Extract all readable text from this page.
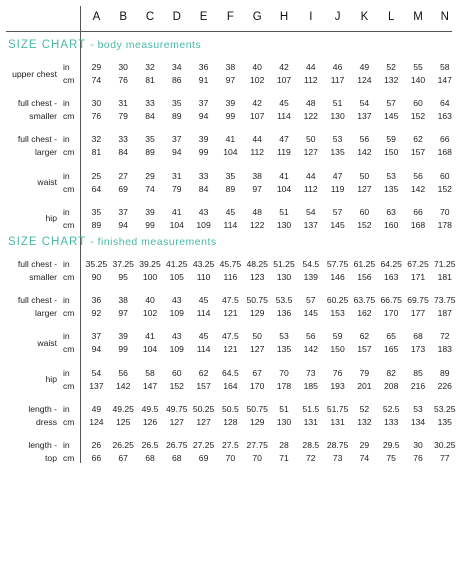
A	B	C	D	E	F	G	H	I	J	K	L	M	N
SIZE CHART - body measurements
upper chest
in
cm
29	30	32	34	36	38	40	42	44	46	49	52	55	58
74	76	81	86	91	97	102	107	112	117	124	132	140	147
full chest -
smaller
in
cm
30	31	33	35	37	39	42	45	48	51	54	57	60	64
76	79	84	89	94	99	107	114	122	130	137	145	152	163
full chest -
larger
in
cm
32	33	35	37	39	41	44	47	50	53	56	59	62	66
81	84	89	94	99	104	112	119	127	135	142	150	157	168
waist
in
cm
25	27	29	31	33	35	38	41	44	47	50	53	56	60
64	69	74	79	84	89	97	104	112	119	127	135	142	152
hip
in
cm
35	37	39	41	43	45	48	51	54	57	60	63	66	70
89	94	99	104	109	114	122	130	137	145	152	160	168	178
SIZE CHART - finished measurements
full chest -
smaller
in
cm
35.25 37.25 39.25 41.25 43.25 45.75 48.25 51.25 54.5 57.75 61.25 64.25 67.25 71.25
90	95	100	105	110	116	123	130	139	146	156	163	171	181
full chest -
larger
in
cm
36	38	40	43	45	47.5 50.75 53.5	57	60.25 63.75 66.75 69.75 73.75
92	97	102	109	114	121	129	136	145	153	162	170	177	187
waist
in
cm
37	39	41	43	45	47.5	50	53	56	59	62	65	68	72
94	99	104	109	114	121	127	135	142	150	157	165	173	183
hip
in
cm
54	56	58	60	62	64.5	67	70	73	76	79	82	85	89
137	142	147	152	157	164	170	178	185	193	201	208	216	226
length -
dress
in
cm
49	49.25 49.5 49.75 50.25 50.5 50.75	51	51.5 51.75	52	52.5	53	53.25
124	125	126	127	127	128	129	130	131	131	132	133	134	135
length -
top
in
cm
26	26.25 26.5 26.75 27.25 27.5 27.75	28	28.5 28.75	29	29.5	30	30.25
66	67	68	68	69	70	70	71	72	73	74	75	76	77
